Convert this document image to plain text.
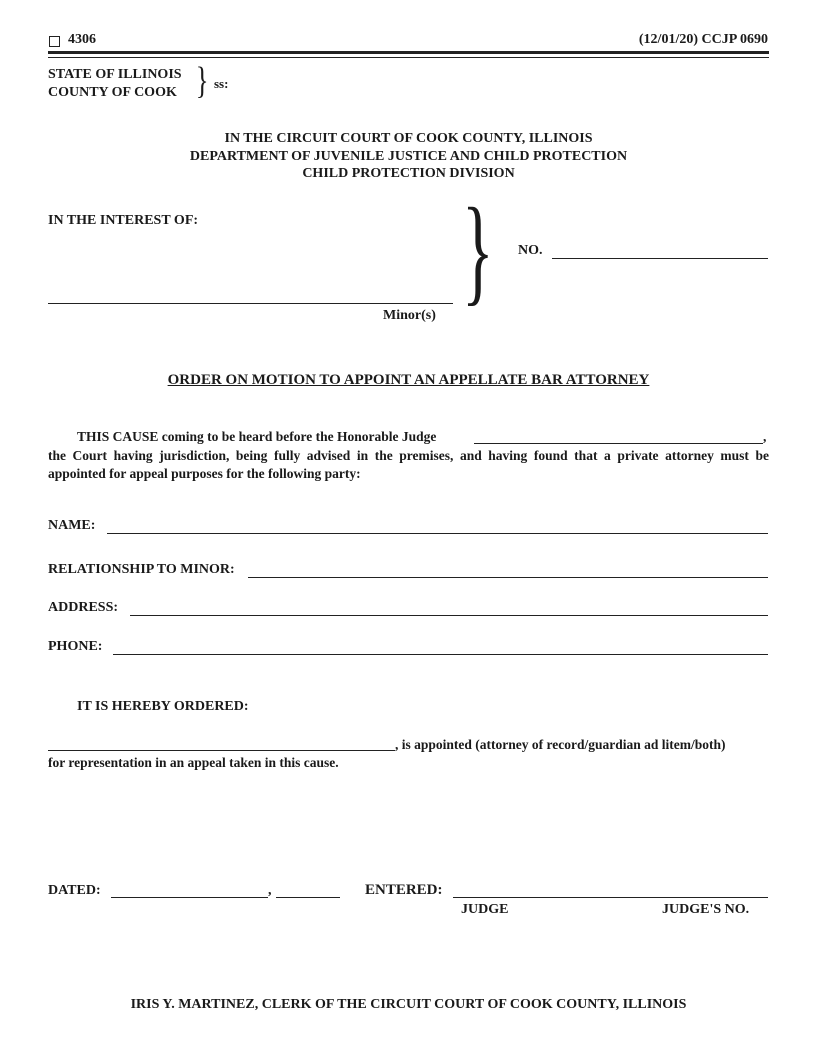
4306	(12/01/20) CCJP 0690
STATE OF ILLINOIS
COUNTY OF COOK } ss:
IN THE CIRCUIT COURT OF COOK COUNTY, ILLINOIS
DEPARTMENT OF JUVENILE JUSTICE AND CHILD PROTECTION
CHILD PROTECTION DIVISION
IN THE INTEREST OF:
Minor(s) } NO.
ORDER ON MOTION TO APPOINT AN APPELLATE BAR ATTORNEY
THIS CAUSE coming to be heard before the Honorable Judge	,
the Court having jurisdiction, being fully advised in the premises, and having found that a private attorney must be appointed for appeal purposes for the following party:
NAME:
RELATIONSHIP TO MINOR:
ADDRESS:
PHONE:
IT IS HEREBY ORDERED:
, is appointed (attorney of record/guardian ad litem/both)
for representation in an appeal taken in this cause.
DATED:	,	ENTERED:
JUDGE	JUDGE'S NO.
IRIS Y. MARTINEZ, CLERK OF THE CIRCUIT COURT OF COOK COUNTY, ILLINOIS
